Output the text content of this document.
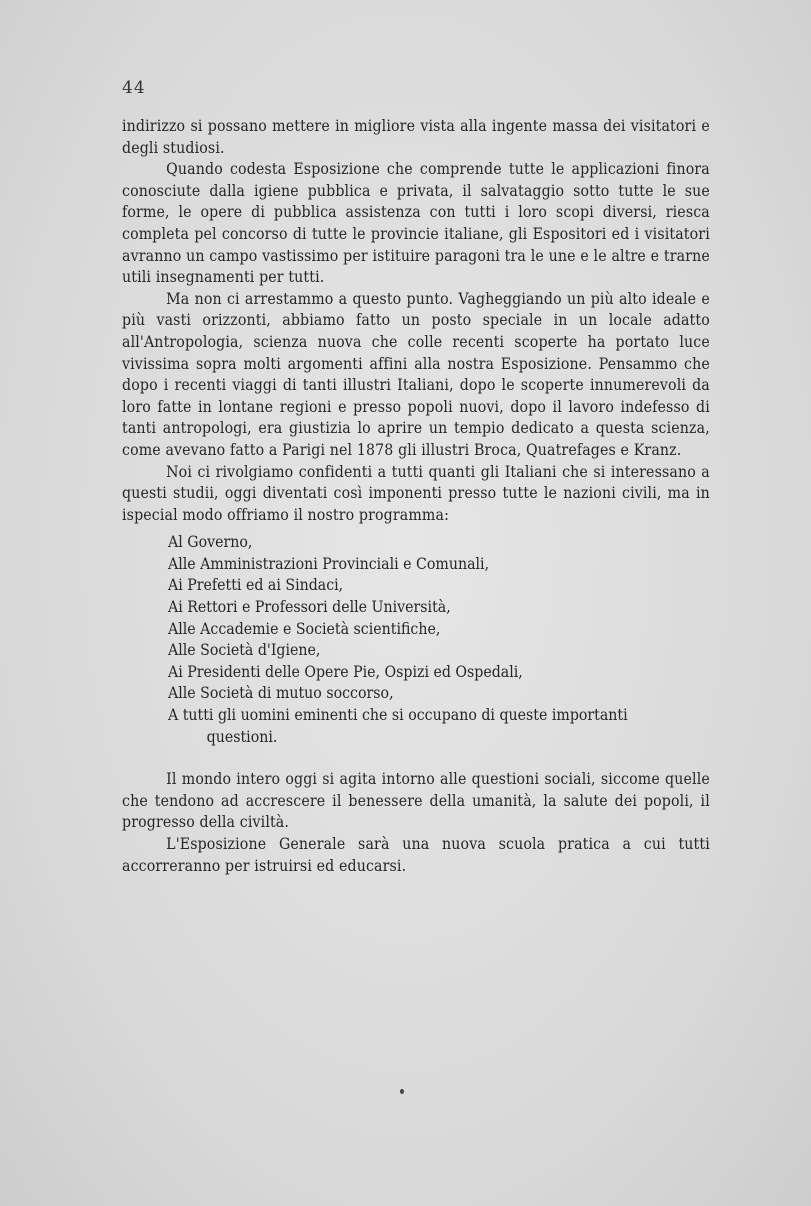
44

indirizzo si possano mettere in migliore vista alla ingente massa dei visitatori e degli studiosi.

Quando codesta Esposizione che comprende tutte le applicazioni finora conosciute dalla igiene pubblica e privata, il salvataggio sotto tutte le sue forme, le opere di pubblica assistenza con tutti i loro scopi diversi, riesca completa pel concorso di tutte le provincie italiane, gli Espositori ed i visitatori avranno un campo vastissimo per istituire paragoni tra le une e le altre e trarne utili insegnamenti per tutti.

Ma non ci arrestammo a questo punto. Vagheggiando un più alto ideale e più vasti orizzonti, abbiamo fatto un posto speciale in un locale adatto all'Antropologia, scienza nuova che colle recenti scoperte ha portato luce vivissima sopra molti argomenti affini alla nostra Esposizione. Pensammo che dopo i recenti viaggi di tanti illustri Italiani, dopo le scoperte innumerevoli da loro fatte in lontane regioni e presso popoli nuovi, dopo il lavoro indefesso di tanti antropologi, era giustizia lo aprire un tempio dedicato a questa scienza, come avevano fatto a Parigi nel 1878 gli illustri Broca, Quatrefages e Kranz.

Noi ci rivolgiamo confidenti a tutti quanti gli Italiani che si interessano a questi studii, oggi diventati così imponenti presso tutte le nazioni civili, ma in ispecial modo offriamo il nostro programma:

Al Governo,
Alle Amministrazioni Provinciali e Comunali,
Ai Prefetti ed ai Sindaci,
Ai Rettori e Professori delle Università,
Alle Accademie e Società scientifiche,
Alle Società d'Igiene,
Ai Presidenti delle Opere Pie, Ospizi ed Ospedali,
Alle Società di mutuo soccorso,
A tutti gli uomini eminenti che si occupano di queste importanti
questioni.

Il mondo intero oggi si agita intorno alle questioni sociali, siccome quelle che tendono ad accrescere il benessere della umanità, la salute dei popoli, il progresso della civiltà.

L'Esposizione Generale sarà una nuova scuola pratica a cui tutti accorreranno per istruirsi ed educarsi.
